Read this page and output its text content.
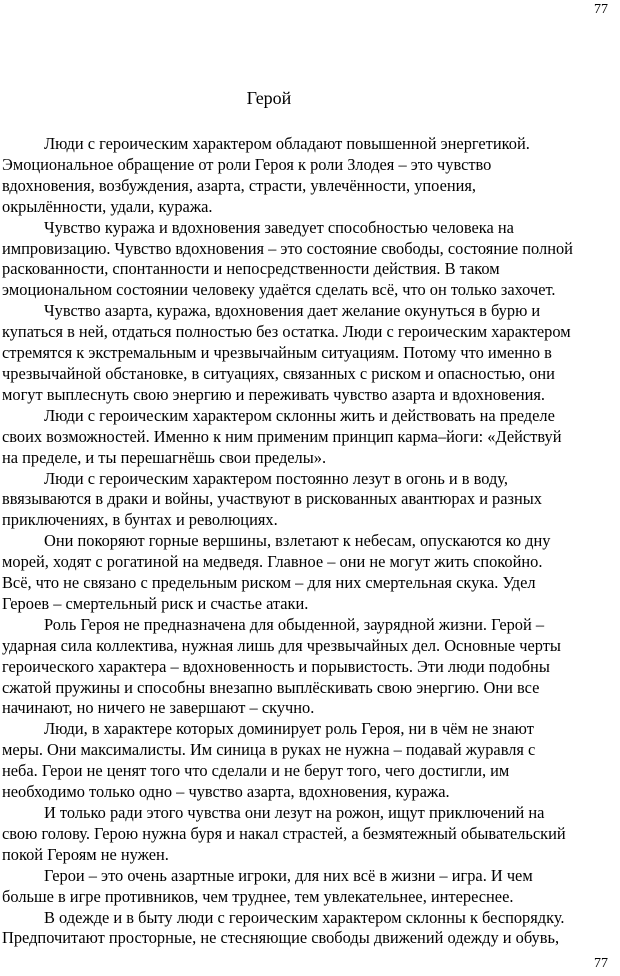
77
Герой

Люди с героическим характером обладают повышенной энергетикой.
Эмоциональное обращение от роли Героя к роли Злодея – это чувство
вдохновения, возбуждения, азарта, страсти, увлечённости, упоения,
окрылённости, удали, куража.

Чувство куража и вдохновения заведует способностью человека на
импровизацию. Чувство вдохновения – это состояние свободы, состояние полной
раскованности, спонтанности и непосредственности действия. В таком
эмоциональном состоянии человеку удаётся сделать всё, что он только захочет.

Чувство азарта, куража, вдохновения дает желание окунуться в бурю и
купаться в ней, отдаться полностью без остатка. Люди с героическим характером
стремятся к экстремальным и чрезвычайным ситуациям. Потому что именно в
чрезвычайной обстановке, в ситуациях, связанных с риском и опасностью, они
могут выплеснуть свою энергию и переживать чувство азарта и вдохновения.

Люди с героическим характером склонны жить и действовать на пределе
своих возможностей. Именно к ним применим принцип карма–йоги: «Действуй
на пределе, и ты перешагнёшь свои пределы».

Люди с героическим характером постоянно лезут в огонь и в воду,
ввязываются в драки и войны, участвуют в рискованных авантюрах и разных
приключениях, в бунтах и революциях.

Они покоряют горные вершины, взлетают к небесам, опускаются ко дну
морей, ходят с рогатиной на медведя. Главное – они не могут жить спокойно.
Всё, что не связано с предельным риском – для них смертельная скука. Удел
Героев – смертельный риск и счастье атаки.

Роль Героя не предназначена для обыденной, заурядной жизни. Герой –
ударная сила коллектива, нужная лишь для чрезвычайных дел. Основные черты
героического характера – вдохновенность и порывистость. Эти люди подобны
сжатой пружины и способны внезапно выплёскивать свою энергию. Они все
начинают, но ничего не завершают – скучно.

Люди, в характере которых доминирует роль Героя, ни в чём не знают
меры. Они максималисты. Им синица в руках не нужна – подавай журавля с
неба. Герои не ценят того что сделали и не берут того, чего достигли, им
необходимо только одно – чувство азарта, вдохновения, куража.

И только ради этого чувства они лезут на рожон, ищут приключений на
свою голову. Герою нужна буря и накал страстей, а безмятежный обывательский
покой Героям не нужен.

Герои – это очень азартные игроки, для них всё в жизни – игра. И чем
больше в игре противников, чем труднее, тем увлекательнее, интереснее.

В одежде и в быту люди с героическим характером склонны к беспорядку.
Предпочитают просторные, не стесняющие свободы движений одежду и обувь,

77
